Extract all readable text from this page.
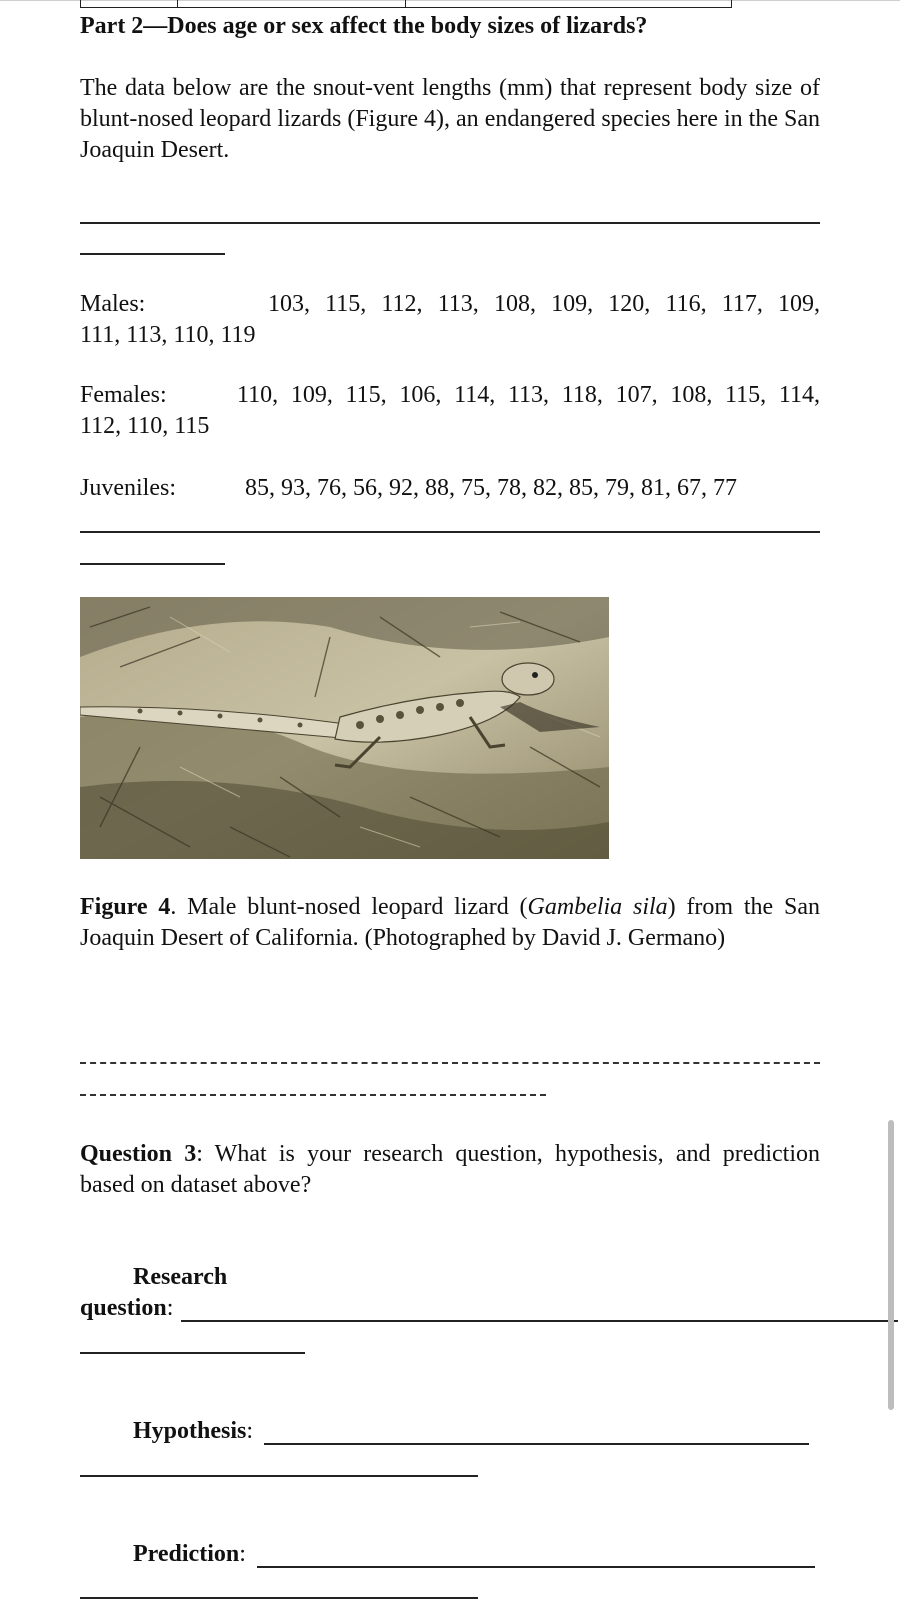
Part 2—Does age or sex affect the body sizes of lizards?
The data below are the snout-vent lengths (mm) that represent body size of blunt-nosed leopard lizards (Figure 4), an endangered species here in the San Joaquin Desert.
Males:	103, 115, 112, 113, 108, 109, 120, 116, 117, 109,
111, 113, 110, 119
Females:	110, 109, 115, 106, 114, 113, 118, 107, 108, 115, 114,
112, 110, 115
Juveniles:	85, 93, 76, 56, 92, 88, 75, 78, 82, 85, 79, 81, 67, 77
Figure 4. Male blunt-nosed leopard lizard (Gambelia sila) from the San Joaquin Desert of California. (Photographed by David J. Germano)
Question 3: What is your research question, hypothesis, and prediction based on dataset above?
Research
question:
Hypothesis:
Prediction:
